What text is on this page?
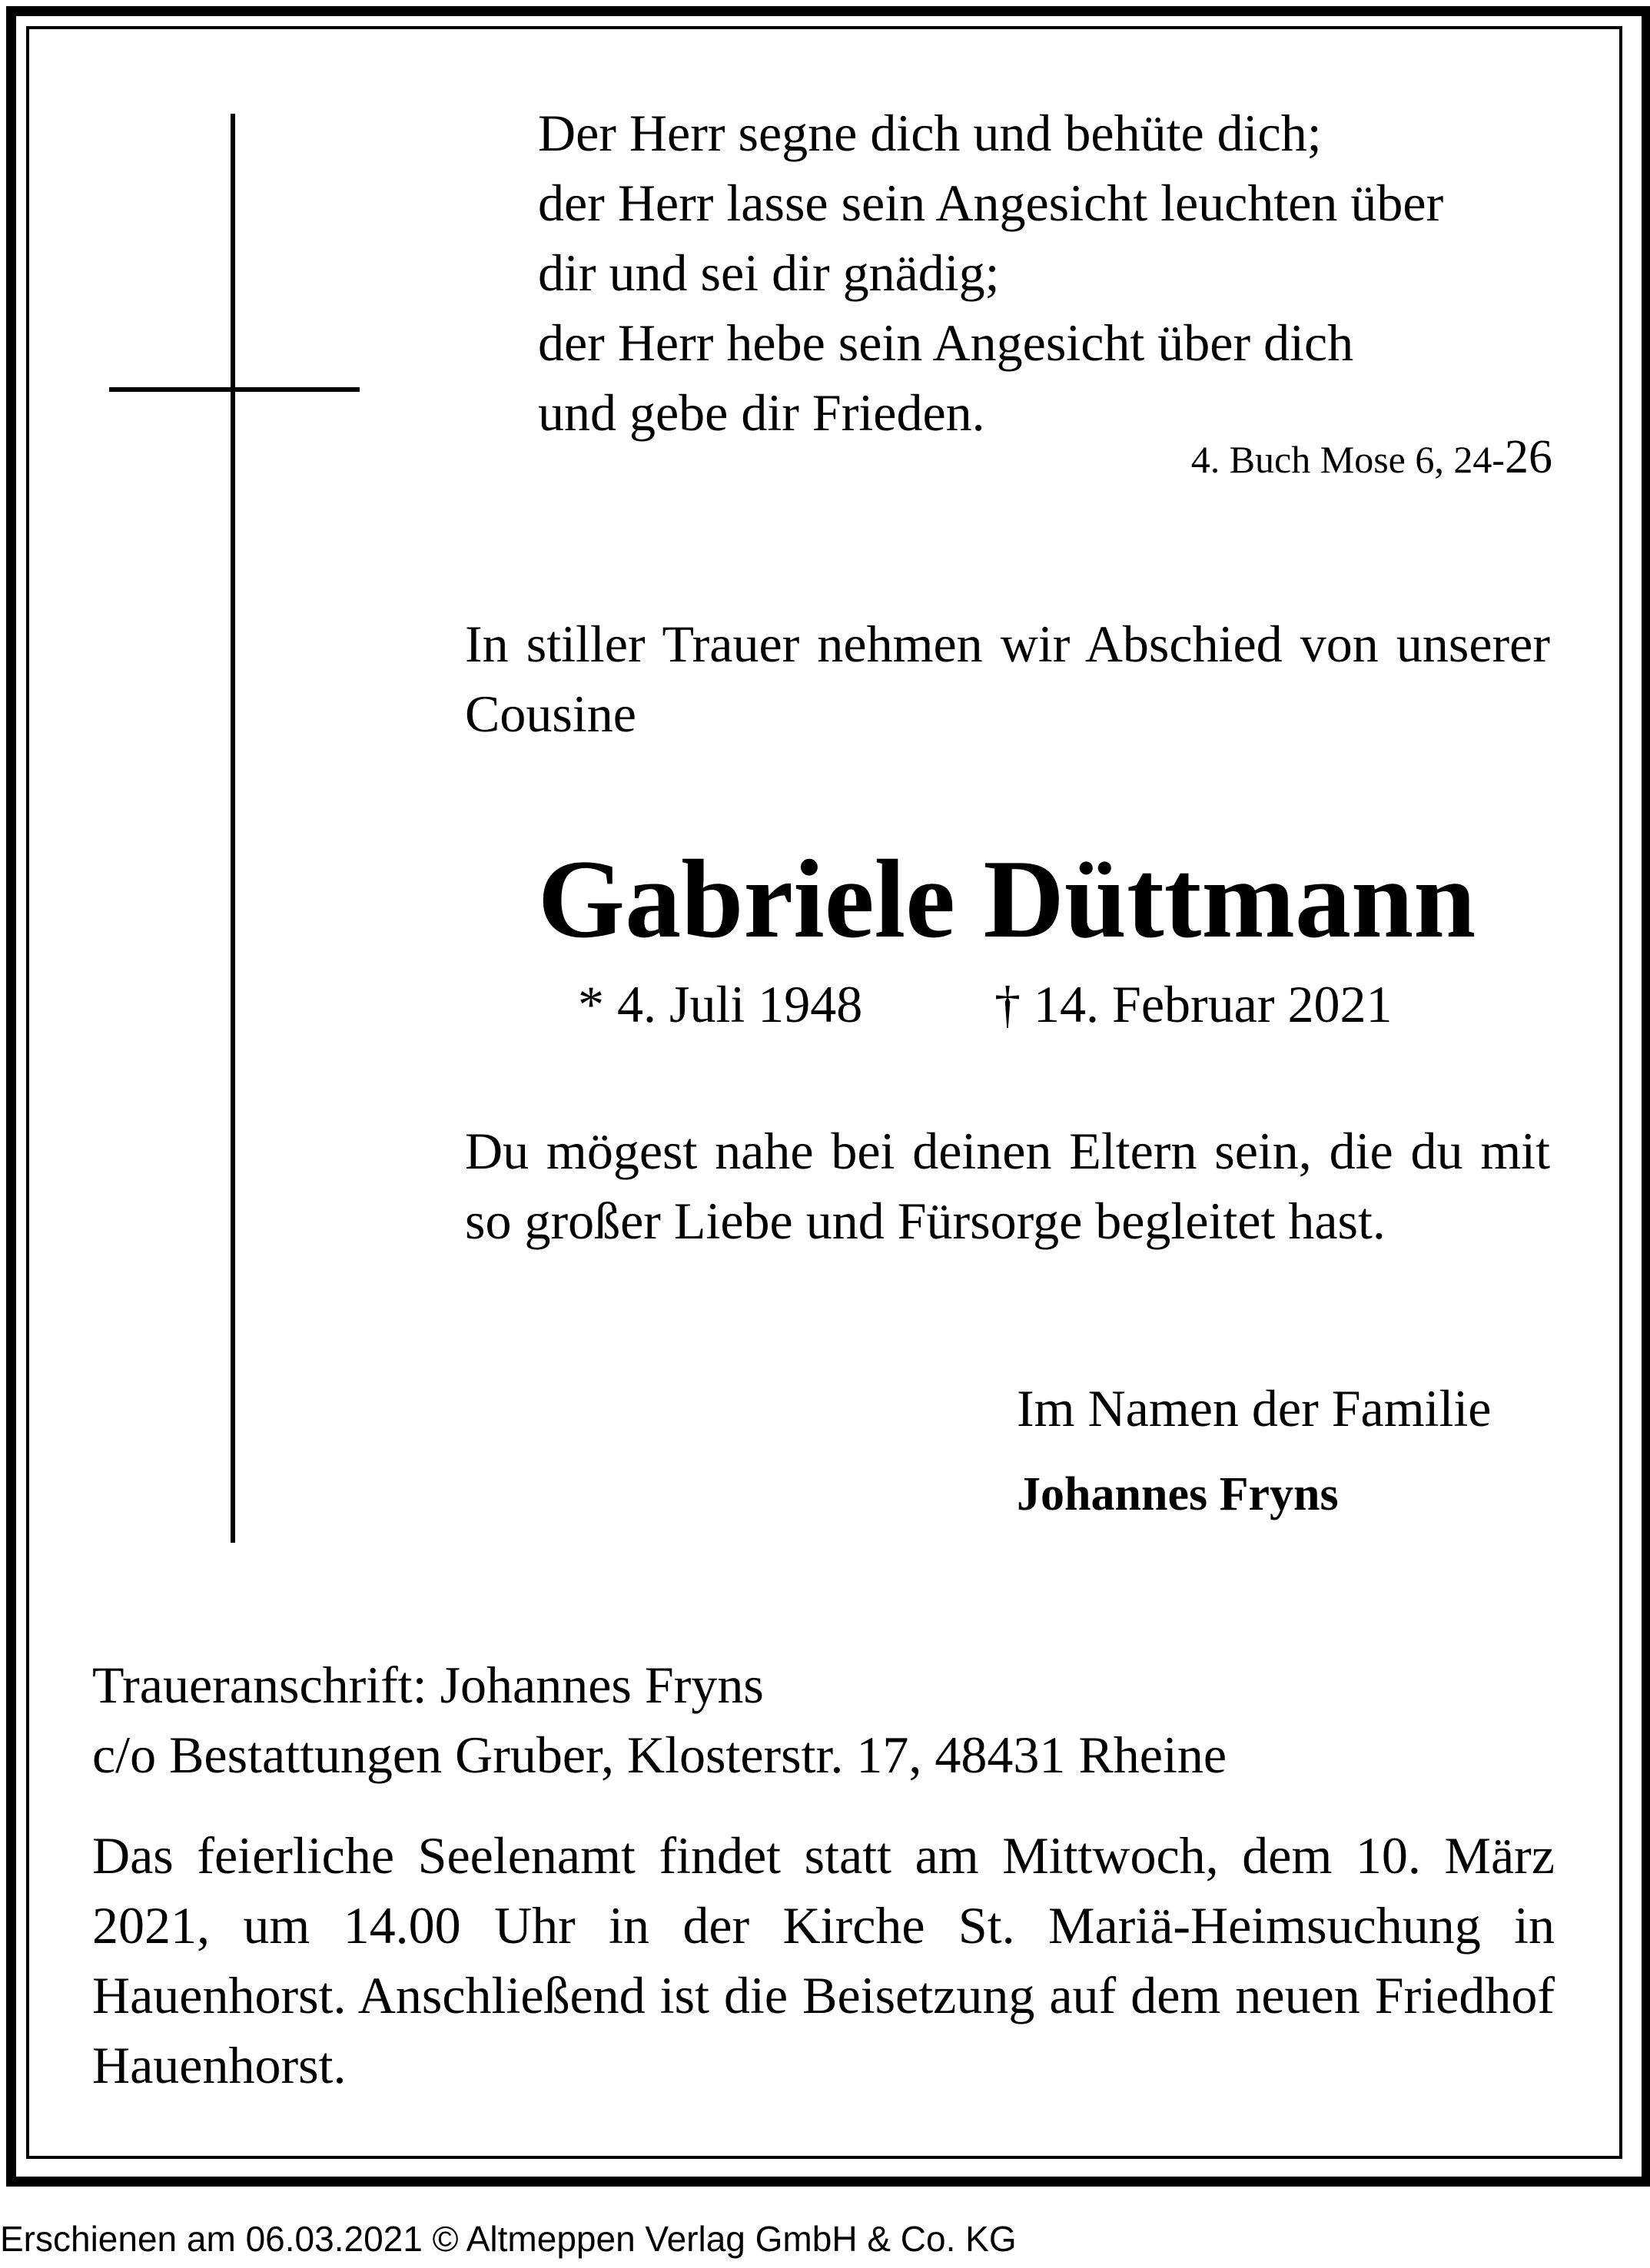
Der Herr segne dich und behüte dich;
der Herr lasse sein Angesicht leuchten über
dir und sei dir gnädig;
der Herr hebe sein Angesicht über dich
und gebe dir Frieden.
4. Buch Mose 6, 24-26

In stiller Trauer nehmen wir Abschied von unserer Cousine

Gabriele Düttmann
* 4. Juli 1948	† 14. Februar 2021

Du mögest nahe bei deinen Eltern sein, die du mit so großer Liebe und Fürsorge begleitet hast.

Im Namen der Familie
Johannes Fryns
Traueranschrift: Johannes Fryns
c/o Bestattungen Gruber, Klosterstr. 17, 48431 Rheine

Das feierliche Seelenamt findet statt am Mittwoch, dem 10. März 2021, um 14.00 Uhr in der Kirche St. Mariä-Heimsuchung in Hauenhorst. Anschließend ist die Beisetzung auf dem neuen Friedhof Hauenhorst.

Erschienen am 06.03.2021 © Altmeppen Verlag GmbH & Co. KG
